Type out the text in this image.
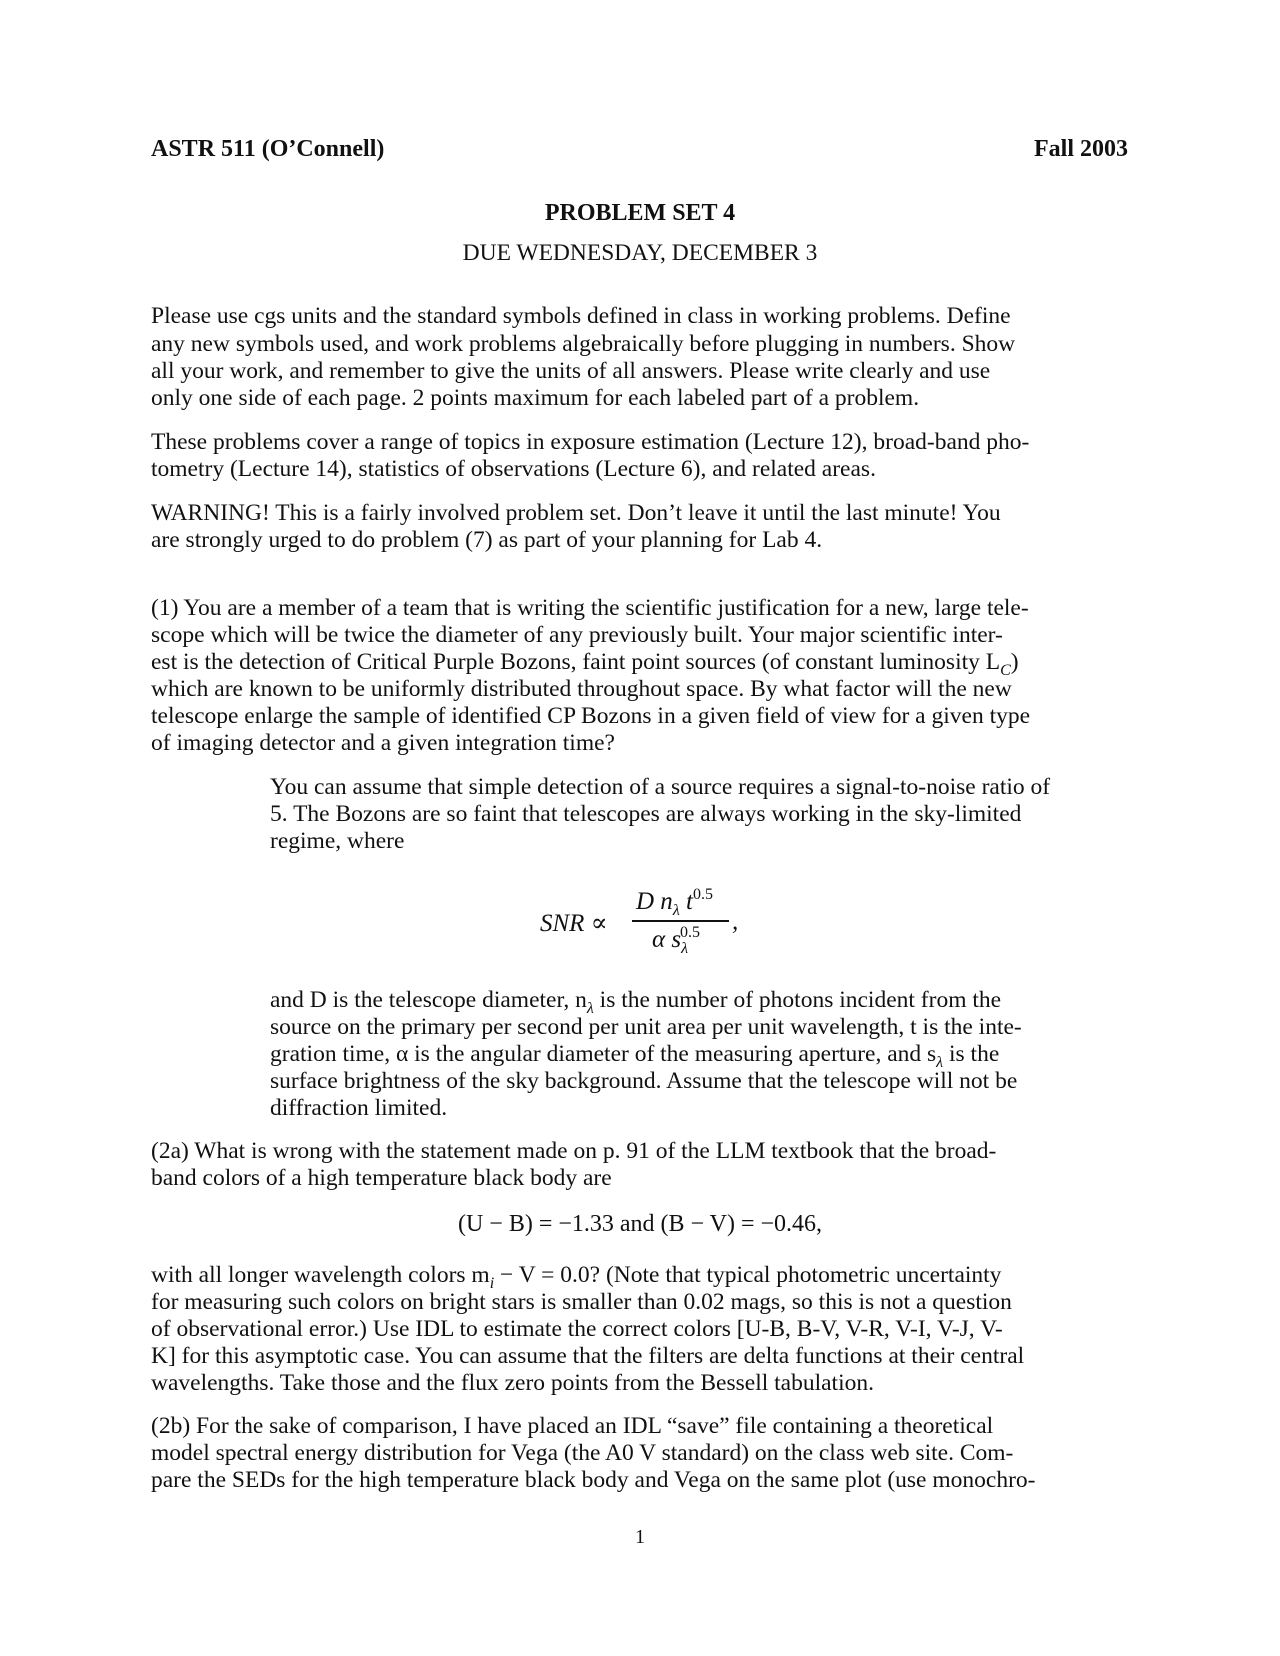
ASTR 511 (O’Connell)	Fall 2003
PROBLEM SET 4
DUE WEDNESDAY, DECEMBER 3
Please use cgs units and the standard symbols defined in class in working problems. Define
any new symbols used, and work problems algebraically before plugging in numbers. Show
all your work, and remember to give the units of all answers. Please write clearly and use
only one side of each page. 2 points maximum for each labeled part of a problem.
These problems cover a range of topics in exposure estimation (Lecture 12), broad-band pho-
tometry (Lecture 14), statistics of observations (Lecture 6), and related areas.
WARNING! This is a fairly involved problem set. Don’t leave it until the last minute! You
are strongly urged to do problem (7) as part of your planning for Lab 4.
(1) You are a member of a team that is writing the scientific justification for a new, large tele-
scope which will be twice the diameter of any previously built. Your major scientific inter-
est is the detection of Critical Purple Bozons, faint point sources (of constant luminosity $L_C$)
which are known to be uniformly distributed throughout space. By what factor will the new
telescope enlarge the sample of identified CP Bozons in a given field of view for a given type
of imaging detector and a given integration time?
You can assume that simple detection of a source requires a signal-to-noise ratio of
5. The Bozons are so faint that telescopes are always working in the sky-limited
regime, where
SNR ∝
D $n_\lambda$ $t^{0.5}$
α $s_\lambda^{0.5}$ ,
and D is the telescope diameter, $n_\lambda$ is the number of photons incident from the
source on the primary per second per unit area per unit wavelength, t is the inte-
gration time, α is the angular diameter of the measuring aperture, and $s_\lambda$ is the
surface brightness of the sky background. Assume that the telescope will not be
diffraction limited.
(2a) What is wrong with the statement made on p. 91 of the LLM textbook that the broad-
band colors of a high temperature black body are
(U − B) = −1.33 and (B − V) = −0.46,
with all longer wavelength colors $m_i - V = 0.0$? (Note that typical photometric uncertainty
for measuring such colors on bright stars is smaller than 0.02 mags, so this is not a question
of observational error.) Use IDL to estimate the correct colors [U-B, B-V, V-R, V-I, V-J, V-
K] for this asymptotic case. You can assume that the filters are delta functions at their central
wavelengths. Take those and the flux zero points from the Bessell tabulation.
(2b) For the sake of comparison, I have placed an IDL “save” file containing a theoretical
model spectral energy distribution for Vega (the A0 V standard) on the class web site. Com-
pare the SEDs for the high temperature black body and Vega on the same plot (use monochro-
1
